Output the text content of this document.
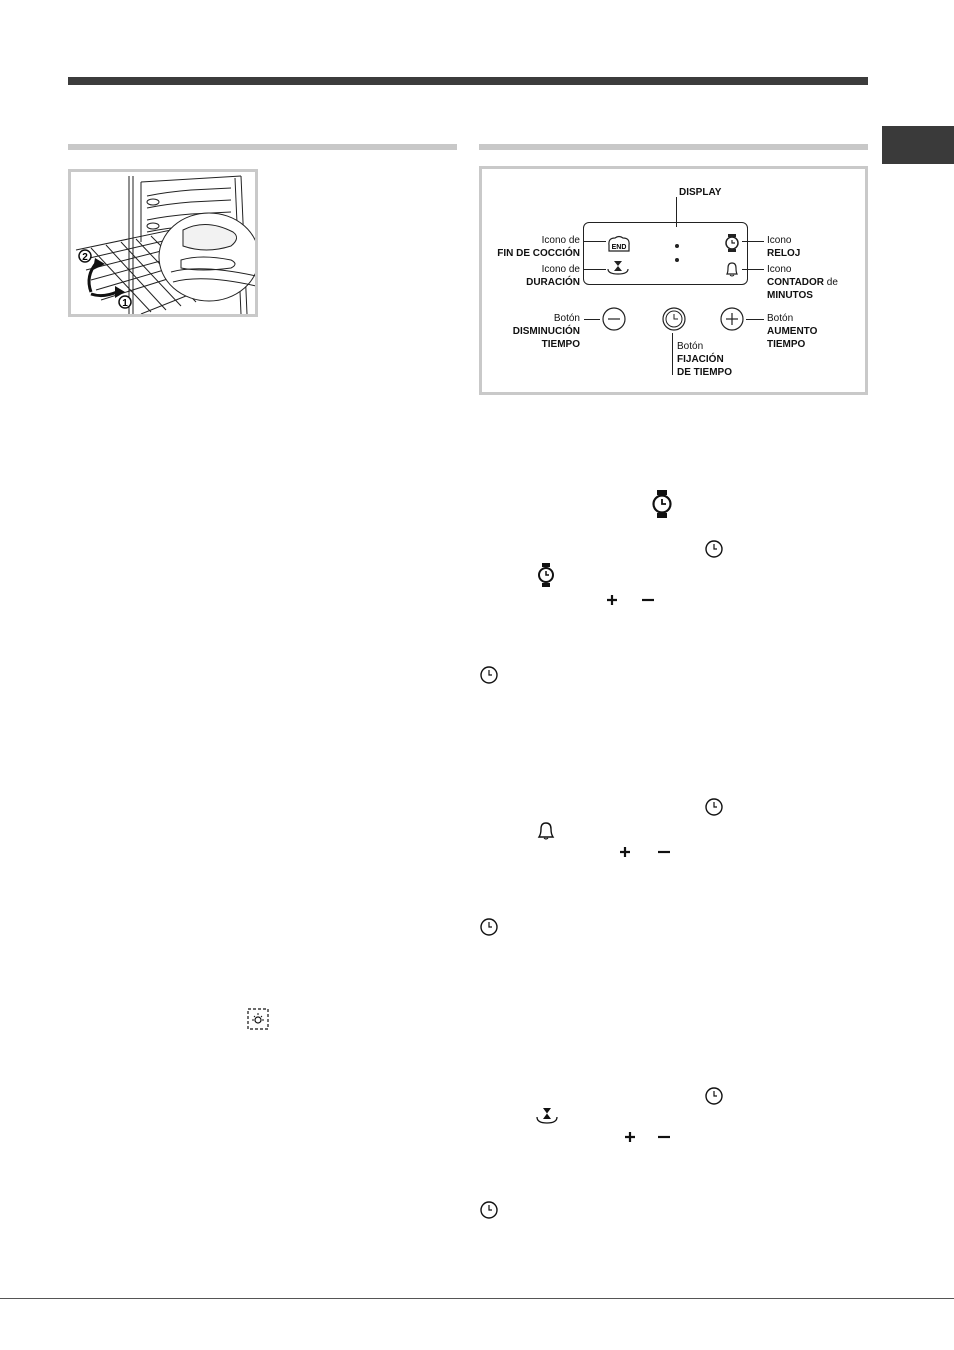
2
1
DISPLAY
END
Icono de
FIN DE COCCIÓN
Icono de
DURACIÓN
Icono
RELOJ
Icono
CONTADOR de
MINUTOS
Botón
DISMINUCIÓN
TIEMPO	Botón
FIJACIÓN
DE TIEMPO
Botón
AUMENTO
TIEMPO
